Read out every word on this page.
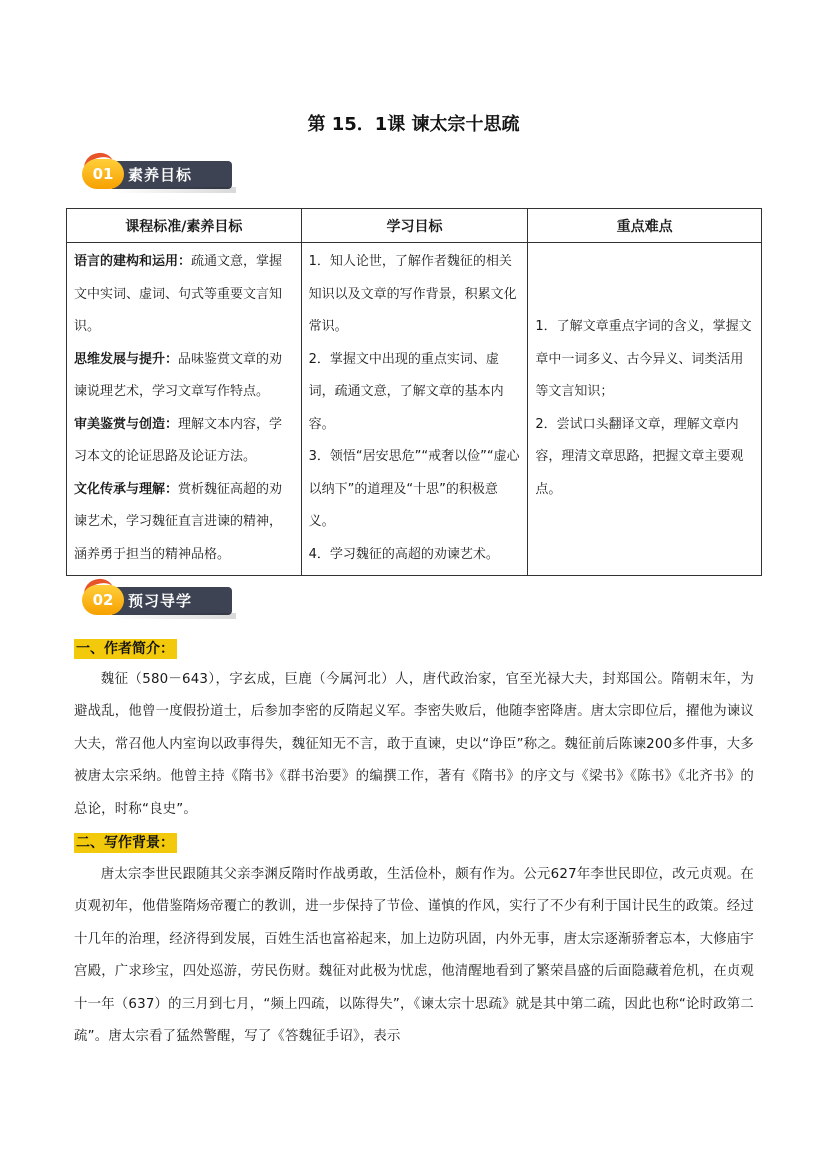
第 15．1课 谏太宗十思疏
01 素养目标
课程标准/素养目标	学习目标	重点难点
语言的建构和运用：疏通文意，掌握文中实词、虚词、句式等重要文言知识。
思维发展与提升：品味鉴赏文章的劝谏说理艺术，学习文章写作特点。
审美鉴赏与创造：理解文本内容，学习本文的论证思路及论证方法。
文化传承与理解：赏析魏征高超的劝谏艺术，学习魏征直言进谏的精神，涵养勇于担当的精神品格。	1．知人论世，了解作者魏征的相关知识以及文章的写作背景，积累文化常识。
2．掌握文中出现的重点实词、虚词，疏通文意，了解文章的基本内容。
3．领悟“居安思危”“戒奢以俭”“虚心以纳下”的道理及“十思”的积极意义。
4．学习魏征的高超的劝谏艺术。	1．了解文章重点字词的含义，掌握文章中一词多义、古今异义、词类活用等文言知识；
2．尝试口头翻译文章，理解文章内容，理清文章思路，把握文章主要观点。
02 预习导学
一、作者简介：

魏征（580－643），字玄成，巨鹿（今属河北）人，唐代政治家，官至光禄大夫，封郑国公。隋朝末年，为避战乱，他曾一度假扮道士，后参加李密的反隋起义军。李密失败后，他随李密降唐。唐太宗即位后，擢他为谏议大夫，常召他人内室询以政事得失，魏征知无不言，敢于直谏，史以“诤臣”称之。魏征前后陈谏200多件事，大多被唐太宗采纳。他曾主持《隋书》《群书治要》的编撰工作，著有《隋书》的序文与《梁书》《陈书》《北齐书》的总论，时称“良史”。

二、写作背景：

唐太宗李世民跟随其父亲李渊反隋时作战勇敢，生活俭朴，颇有作为。公元627年李世民即位，改元贞观。在贞观初年，他借鉴隋炀帝覆亡的教训，进一步保持了节俭、谨慎的作风，实行了不少有利于国计民生的政策。经过十几年的治理，经济得到发展，百姓生活也富裕起来，加上边防巩固，内外无事，唐太宗逐渐骄奢忘本，大修庙宇宫殿，广求珍宝，四处巡游，劳民伤财。魏征对此极为忧虑，他清醒地看到了繁荣昌盛的后面隐藏着危机，在贞观十一年（637）的三月到七月，“频上四疏，以陈得失”，《谏太宗十思疏》就是其中第二疏，因此也称“论时政第二疏”。唐太宗看了猛然警醒，写了《答魏征手诏》，表示
